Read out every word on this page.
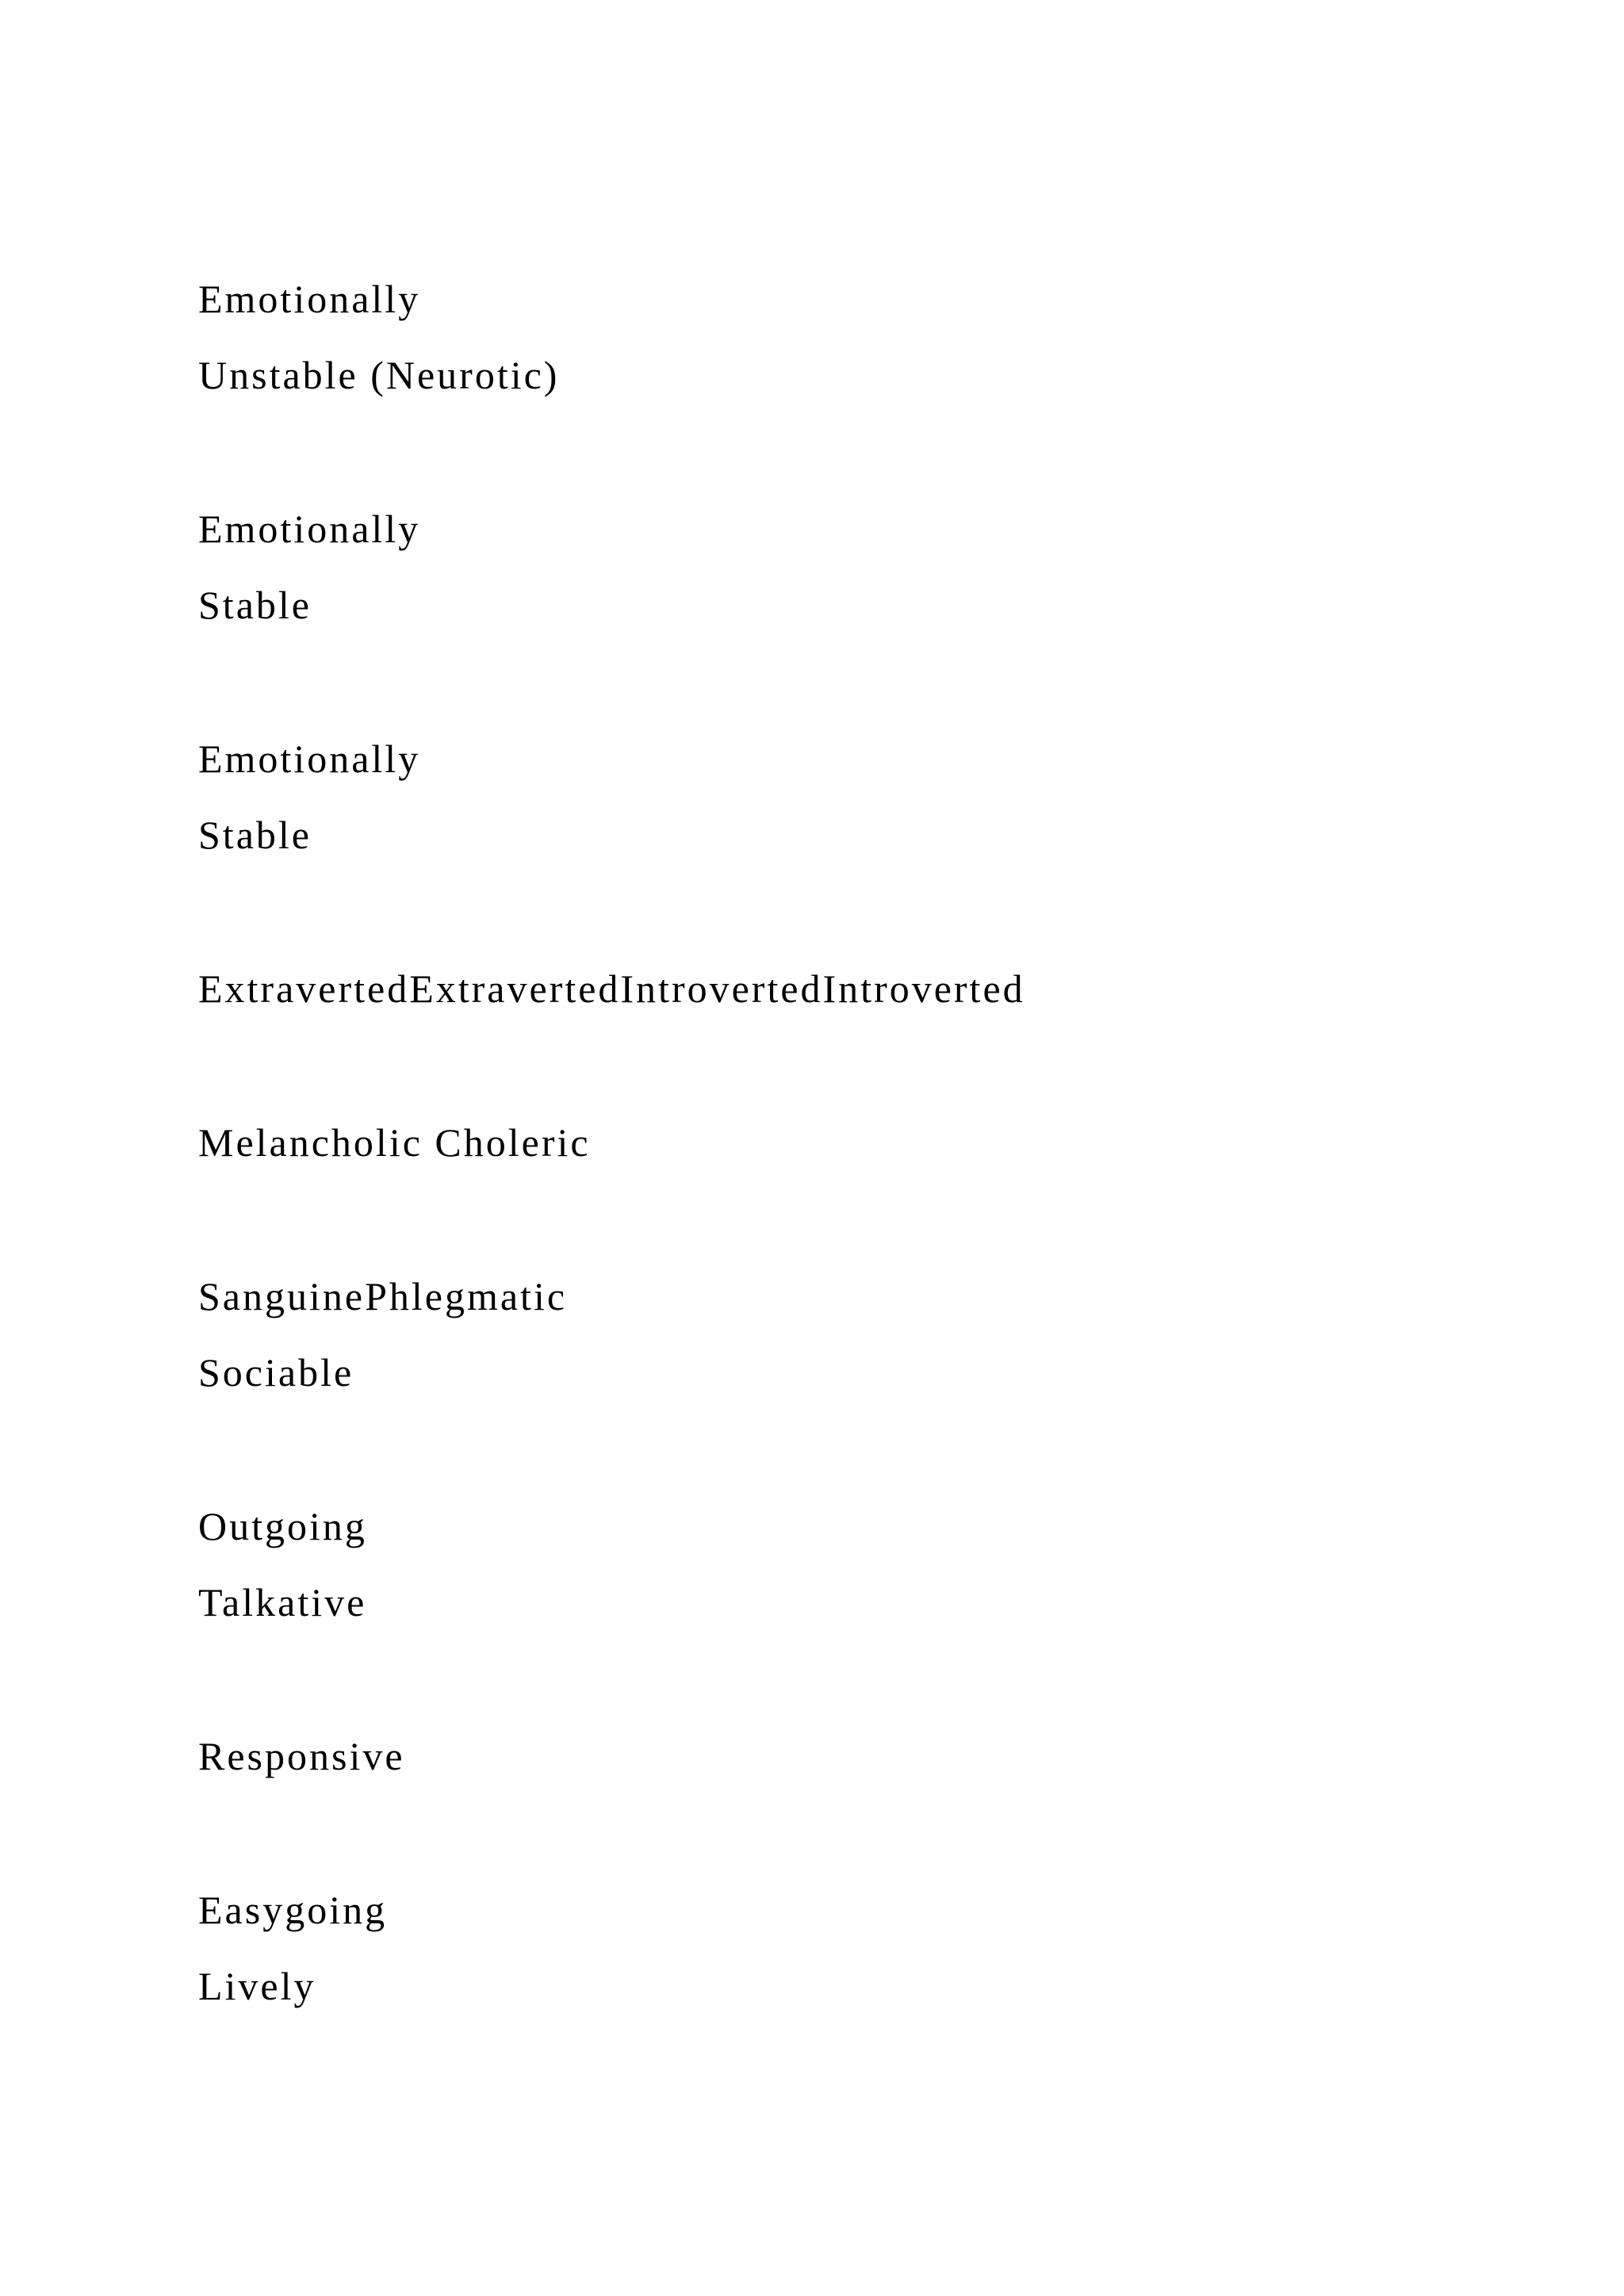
Emotionally
Unstable (Neurotic)
Emotionally
Stable
Emotionally
Stable
ExtravertedExtravertedIntrovertedIntroverted
Melancholic Choleric
SanguinePhlegmatic
Sociable
Outgoing
Talkative
Responsive
Easygoing
Lively
